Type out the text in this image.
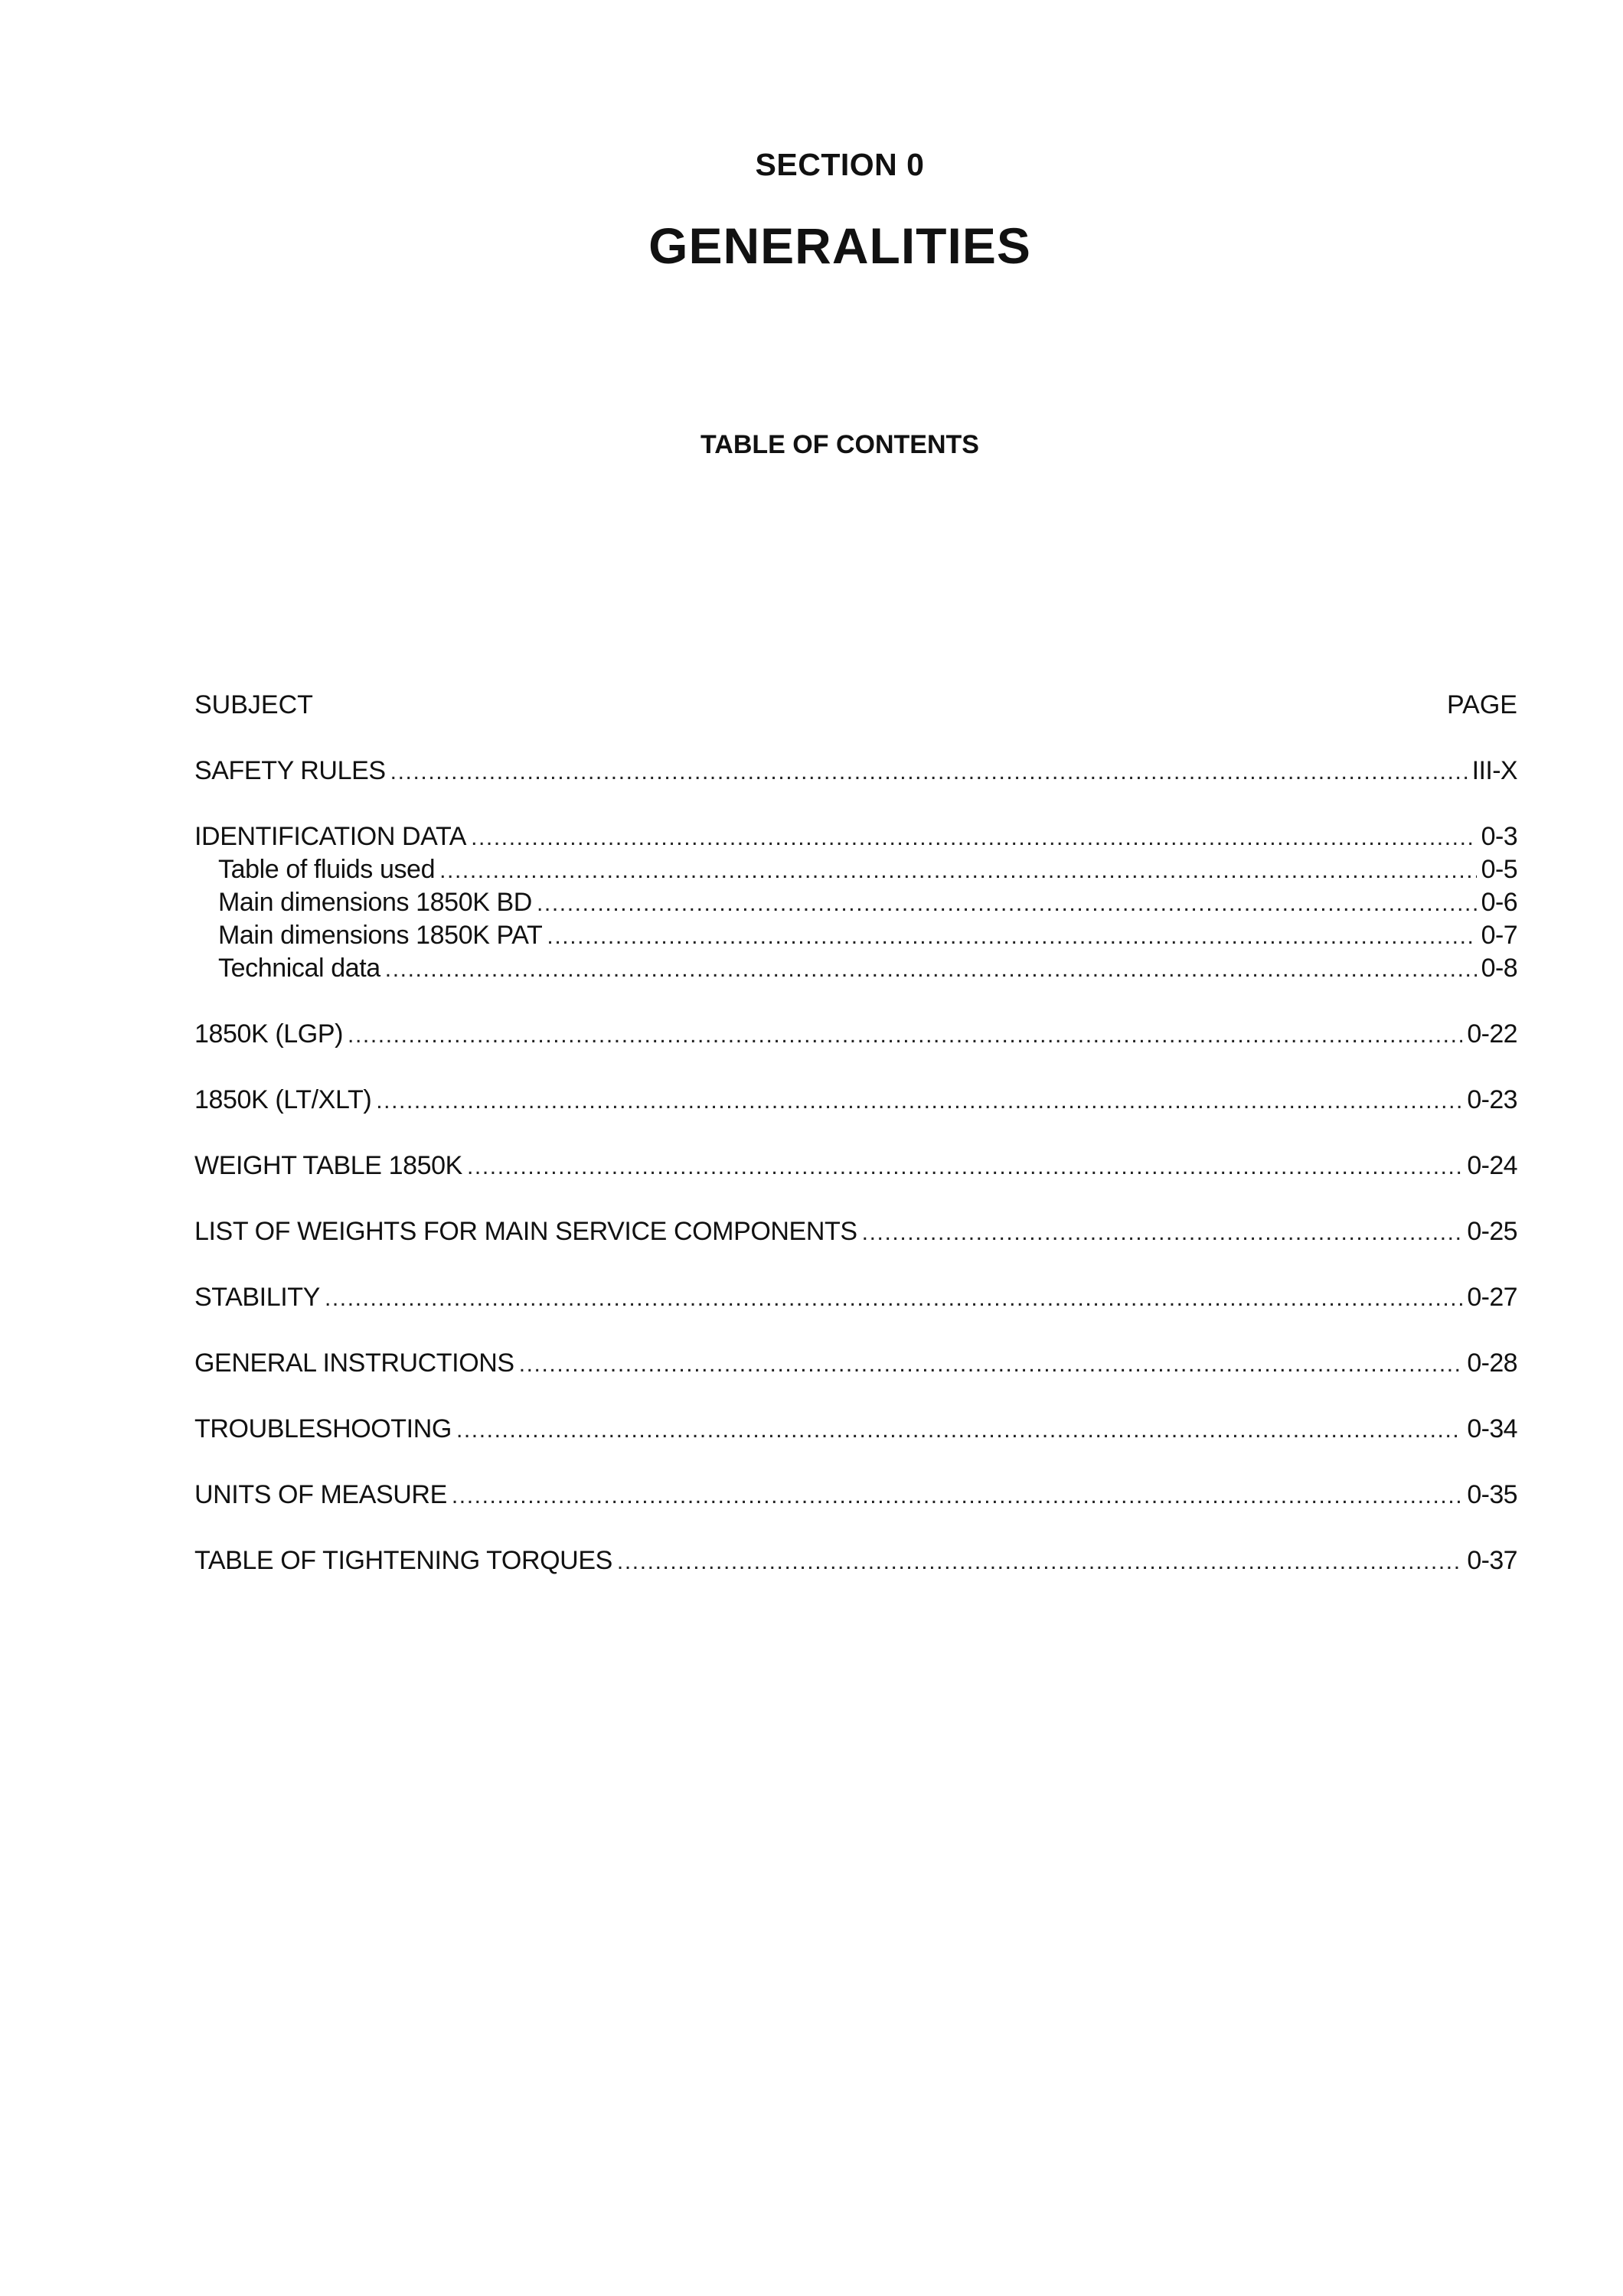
SECTION 0
GENERALITIES
TABLE OF CONTENTS
SUBJECT	PAGE
SAFETY RULES .....	III-X
IDENTIFICATION DATA .....	0-3
Table of fluids used .....	0-5
Main dimensions 1850K BD .....	0-6
Main dimensions 1850K PAT .....	0-7
Technical data .....	0-8
1850K (LGP) .....	0-22
1850K (LT/XLT) .....	0-23
WEIGHT TABLE 1850K .....	0-24
LIST OF WEIGHTS FOR MAIN SERVICE COMPONENTS .....	0-25
STABILITY .....	0-27
GENERAL INSTRUCTIONS .....	0-28
TROUBLESHOOTING .....	0-34
UNITS OF MEASURE .....	0-35
TABLE OF TIGHTENING TORQUES .....	0-37
